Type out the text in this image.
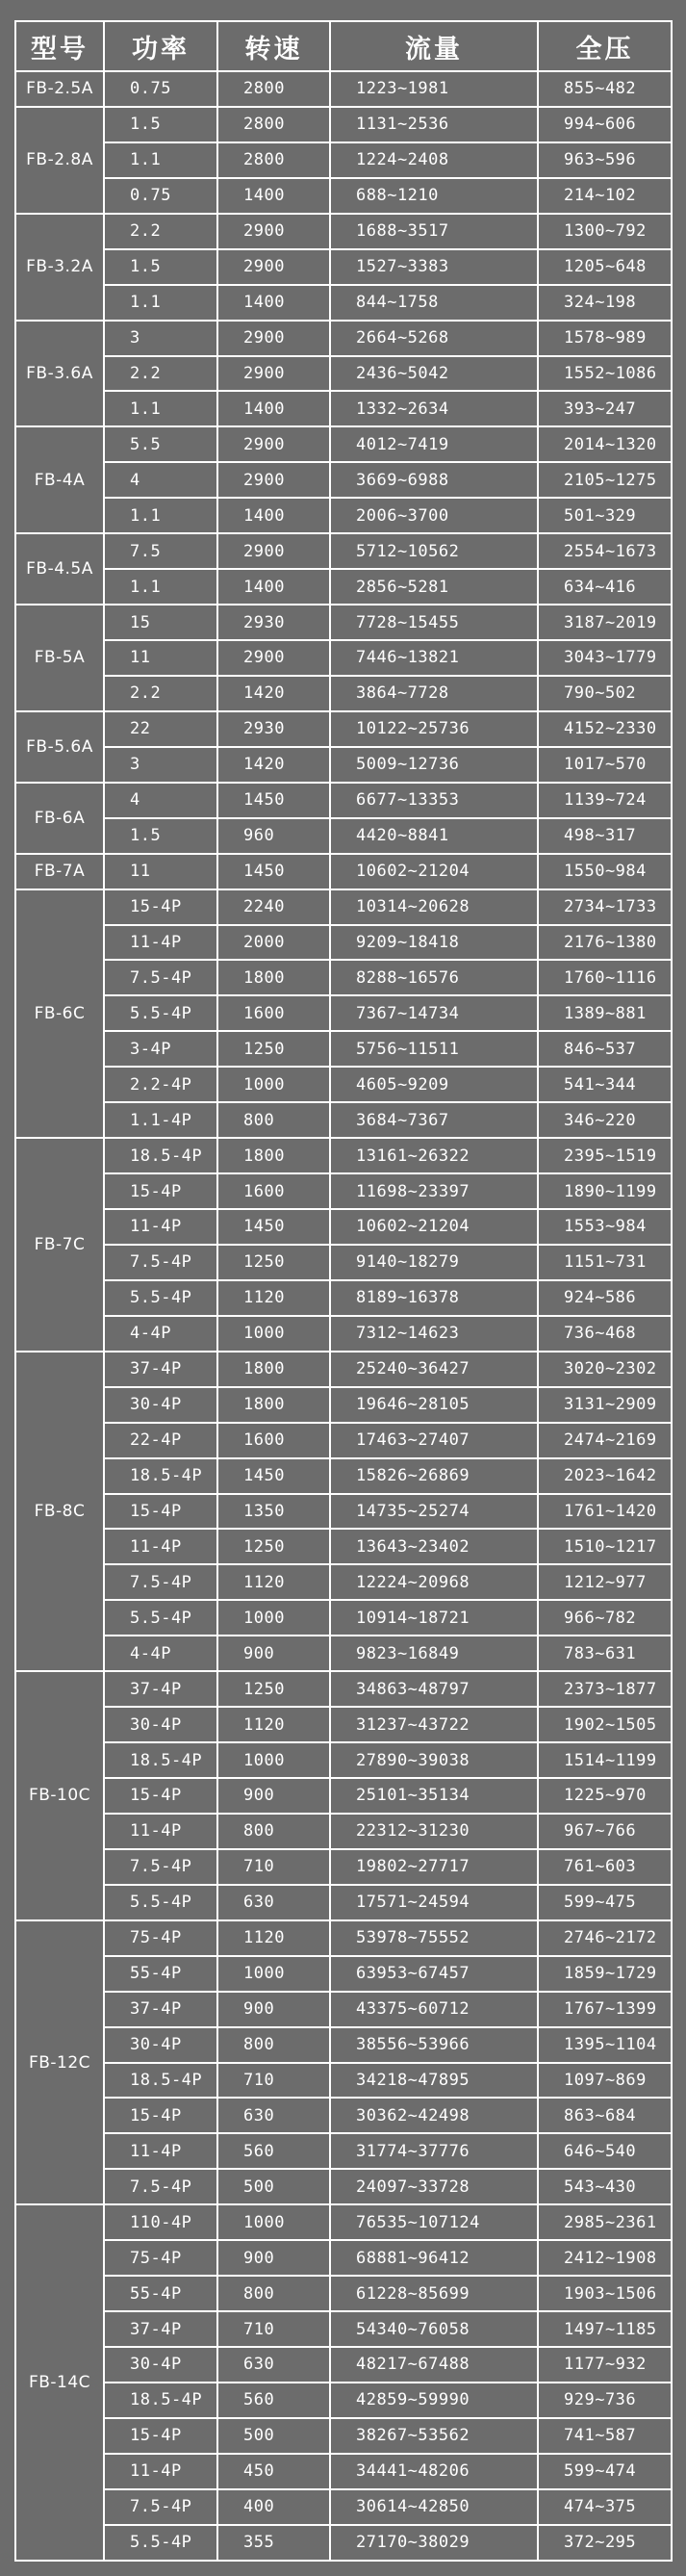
型号	功率	转速	流量	全压
FB-2.5A	0.75	2800	1223~1981	855~482
FB-2.8A	1.5	2800	1131~2536	994~606
	1.1	2800	1224~2408	963~596
	0.75	1400	688~1210	214~102
FB-3.2A	2.2	2900	1688~3517	1300~792
	1.5	2900	1527~3383	1205~648
	1.1	1400	844~1758	324~198
FB-3.6A	3	2900	2664~5268	1578~989
	2.2	2900	2436~5042	1552~1086
	1.1	1400	1332~2634	393~247
FB-4A	5.5	2900	4012~7419	2014~1320
	4	2900	3669~6988	2105~1275
	1.1	1400	2006~3700	501~329
FB-4.5A	7.5	2900	5712~10562	2554~1673
	1.1	1400	2856~5281	634~416
FB-5A	15	2930	7728~15455	3187~2019
	11	2900	7446~13821	3043~1779
	2.2	1420	3864~7728	790~502
FB-5.6A	22	2930	10122~25736	4152~2330
	3	1420	5009~12736	1017~570
FB-6A	4	1450	6677~13353	1139~724
	1.5	960	4420~8841	498~317
FB-7A	11	1450	10602~21204	1550~984
FB-6C	15-4P	2240	10314~20628	2734~1733
	11-4P	2000	9209~18418	2176~1380
	7.5-4P	1800	8288~16576	1760~1116
	5.5-4P	1600	7367~14734	1389~881
	3-4P	1250	5756~11511	846~537
	2.2-4P	1000	4605~9209	541~344
	1.1-4P	800	3684~7367	346~220
FB-7C	18.5-4P	1800	13161~26322	2395~1519
	15-4P	1600	11698~23397	1890~1199
	11-4P	1450	10602~21204	1553~984
	7.5-4P	1250	9140~18279	1151~731
	5.5-4P	1120	8189~16378	924~586
	4-4P	1000	7312~14623	736~468
FB-8C	37-4P	1800	25240~36427	3020~2302
	30-4P	1800	19646~28105	3131~2909
	22-4P	1600	17463~27407	2474~2169
	18.5-4P	1450	15826~26869	2023~1642
	15-4P	1350	14735~25274	1761~1420
	11-4P	1250	13643~23402	1510~1217
	7.5-4P	1120	12224~20968	1212~977
	5.5-4P	1000	10914~18721	966~782
	4-4P	900	9823~16849	783~631
FB-10C	37-4P	1250	34863~48797	2373~1877
	30-4P	1120	31237~43722	1902~1505
	18.5-4P	1000	27890~39038	1514~1199
	15-4P	900	25101~35134	1225~970
	11-4P	800	22312~31230	967~766
	7.5-4P	710	19802~27717	761~603
	5.5-4P	630	17571~24594	599~475
FB-12C	75-4P	1120	53978~75552	2746~2172
	55-4P	1000	63953~67457	1859~1729
	37-4P	900	43375~60712	1767~1399
	30-4P	800	38556~53966	1395~1104
	18.5-4P	710	34218~47895	1097~869
	15-4P	630	30362~42498	863~684
	11-4P	560	31774~37776	646~540
	7.5-4P	500	24097~33728	543~430
FB-14C	110-4P	1000	76535~107124	2985~2361
	75-4P	900	68881~96412	2412~1908
	55-4P	800	61228~85699	1903~1506
	37-4P	710	54340~76058	1497~1185
	30-4P	630	48217~67488	1177~932
	18.5-4P	560	42859~59990	929~736
	15-4P	500	38267~53562	741~587
	11-4P	450	34441~48206	599~474
	7.5-4P	400	30614~42850	474~375
	5.5-4P	355	27170~38029	372~295
